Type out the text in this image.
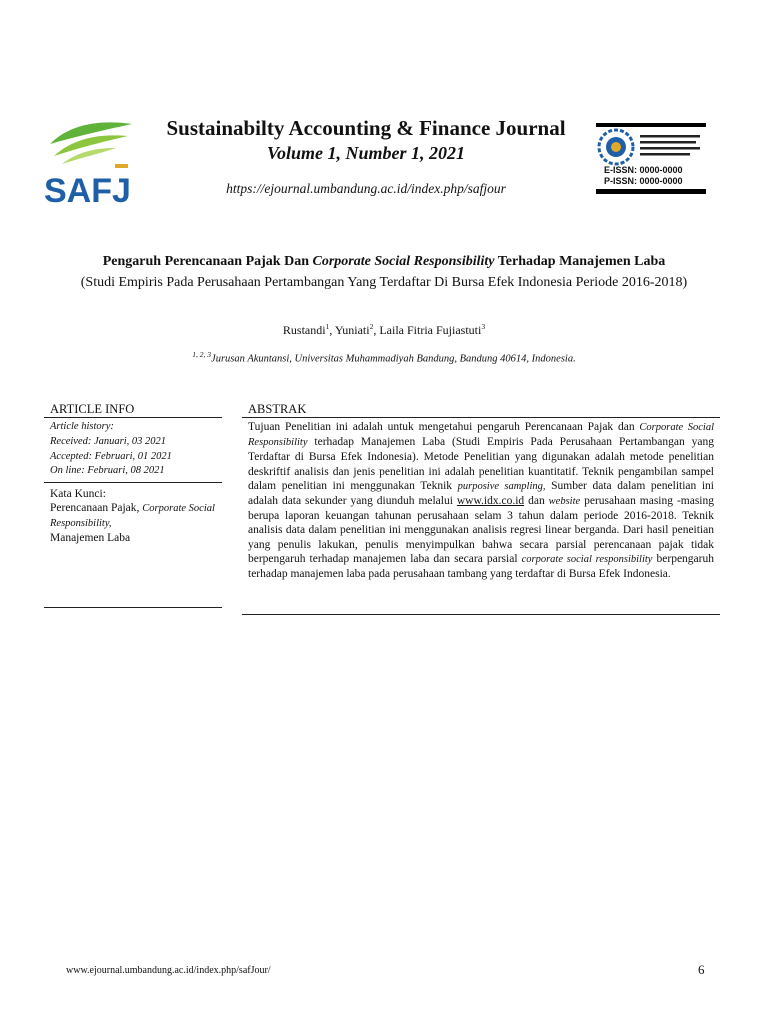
SAFJ
Sustainabilty Accounting & Finance Journal
Volume 1, Number 1, 2021
https://ejournal.umbandung.ac.id/index.php/safjour
E-ISSN: 0000-0000
P-ISSN: 0000-0000
Pengaruh Perencanaan Pajak Dan Corporate Social Responsibility Terhadap Manajemen Laba
(Studi Empiris Pada Perusahaan Pertambangan Yang Terdaftar Di Bursa Efek Indonesia Periode 2016-2018)
Rustandi$^1$, Yuniati$^2$, Laila Fitria Fujiastuti$^3$
$^{1, 2, 3}$Jurusan Akuntansi, Universitas Muhammadiyah Bandung, Bandung 40614, Indonesia.
ARTICLE INFO
Article history:
Received: Januari, 03 2021
Accepted: Februari, 01 2021
On line: Februari, 08 2021
Kata Kunci:
Perencanaan Pajak, Corporate Social Responsibility,
Manajemen Laba
ABSTRAK
Tujuan Penelitian ini adalah untuk mengetahui pengaruh Perencanaan Pajak dan Corporate Social Responsibility terhadap Manajemen Laba (Studi Empiris Pada Perusahaan Pertambangan yang Terdaftar di Bursa Efek Indonesia). Metode Penelitian yang digunakan adalah metode penelitian deskriftif analisis dan jenis penelitian ini adalah penelitian kuantitatif. Teknik pengambilan sampel dalam penelitian ini menggunakan Teknik purposive sampling, Sumber data dalam penelitian ini adalah data sekunder yang diunduh melalui www.idx.co.id dan website perusahaan masing -masing berupa laporan keuangan tahunan perusahaan selam 3 tahun dalam periode 2016-2018. Teknik analisis data dalam penelitian ini menggunakan analisis regresi linear berganda. Dari hasil peneitian yang penulis lakukan, penulis menyimpulkan bahwa secara parsial perencanaan pajak tidak berpengaruh terhadap manajemen laba dan secara parsial corporate social responsibility berpengaruh terhadap manajemen laba pada perusahaan tambang yang terdaftar di Bursa Efek Indonesia.
www.ejournal.umbandung.ac.id/index.php/safJour/	6
